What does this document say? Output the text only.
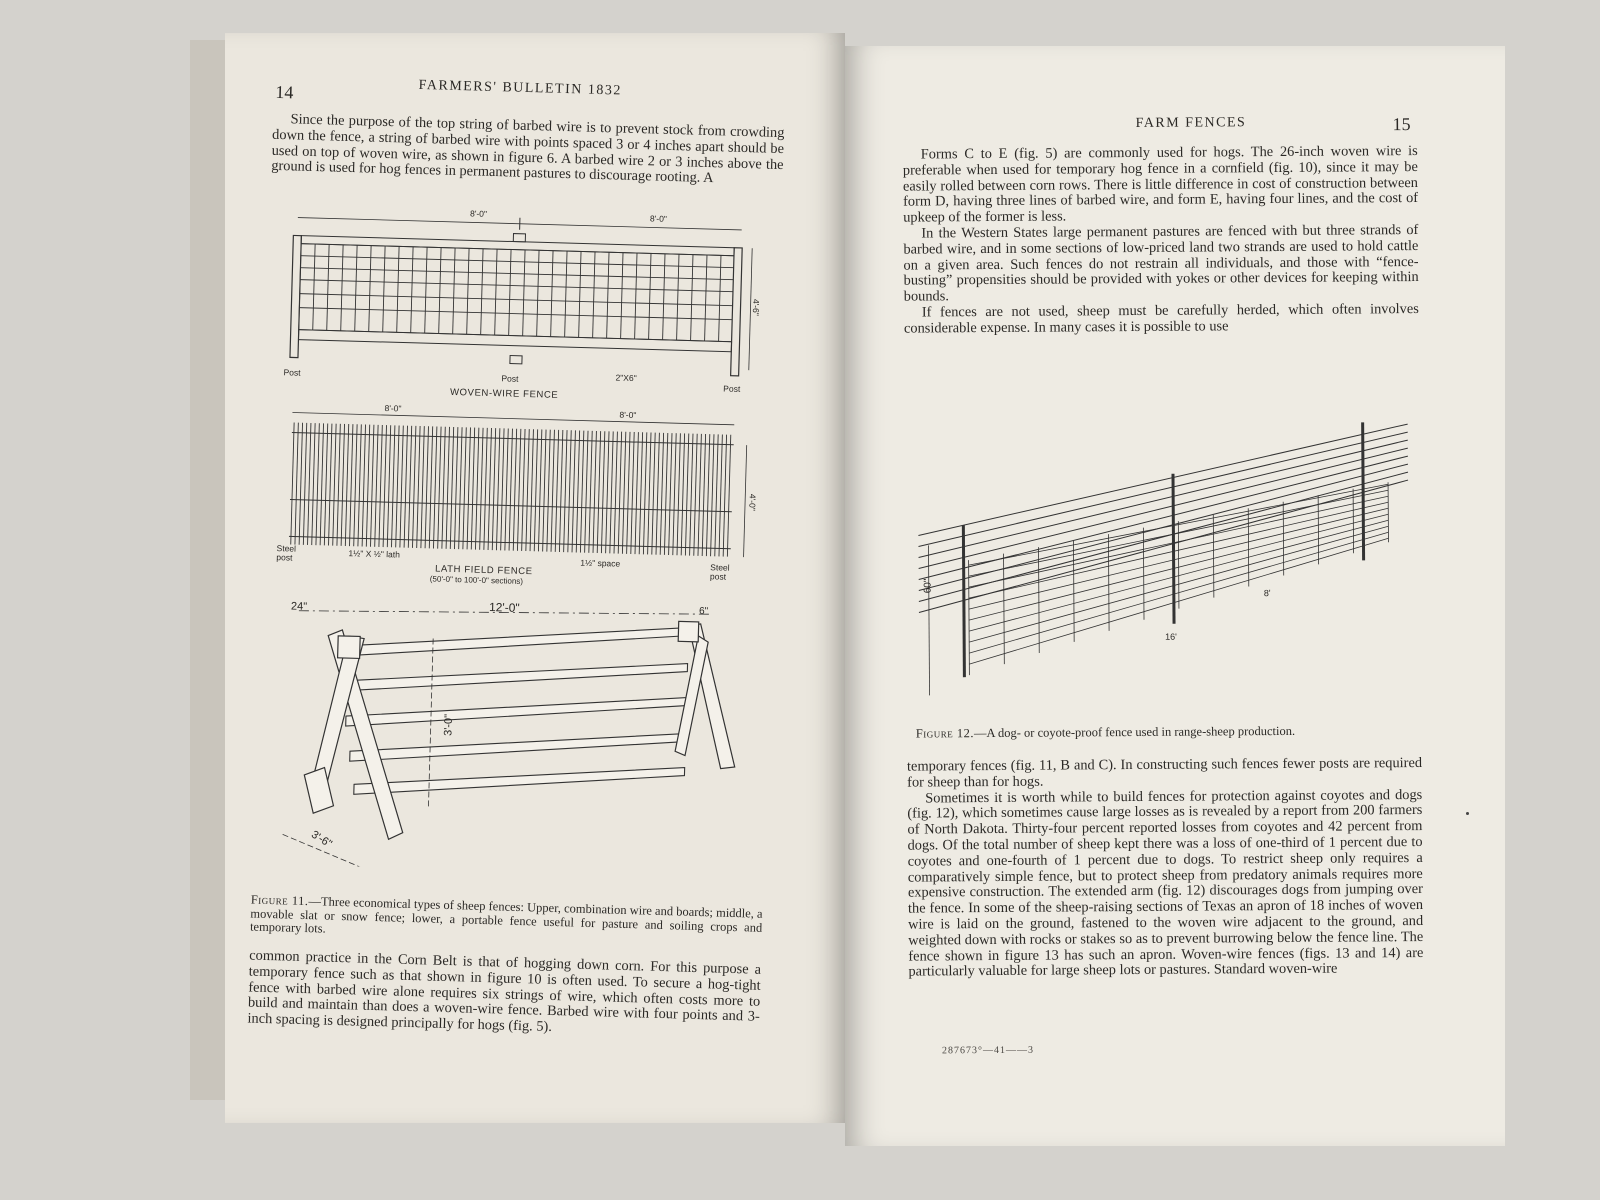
14	FARMERS' BULLETIN 1832

Since the purpose of the top string of barbed wire is to prevent stock from crowding down the fence, a string of barbed wire with points spaced 3 or 4 inches apart should be used on top of woven wire, as shown in figure 6. A barbed wire 2 or 3 inches above the ground is used for hog fences in permanent pastures to discourage rooting. A

8'-0"	8'-0"
4'-6"
Post
Post
Post
2"X6"
WOVEN-WIRE FENCE
8'-0"
8'-0"
4'-0"
Steel post
Steel post
1½" X ½" lath
1½" space
LATH FIELD FENCE
(50'-0" to 100'-0" sections)
12'-0"
24"	6"
3'-0"
3'-6"
Figure 11.—Three economical types of sheep fences: Upper, combination wire and boards; middle, a movable slat or snow fence; lower, a portable fence useful for pasture and soiling crops and temporary lots.

common practice in the Corn Belt is that of hogging down corn. For this purpose a temporary fence such as that shown in figure 10 is often used. To secure a hog-tight fence with barbed wire alone requires six strings of wire, which often costs more to build and maintain than does a woven-wire fence. Barbed wire with four points and 3-inch spacing is designed principally for hogs (fig. 5).

FARM FENCES	15

Forms C to E (fig. 5) are commonly used for hogs. The 26-inch woven wire is preferable when used for temporary hog fence in a cornfield (fig. 10), since it may be easily rolled between corn rows. There is little difference in cost of construction between form D, having three lines of barbed wire, and form E, having four lines, and the cost of upkeep of the former is less.

In the Western States large permanent pastures are fenced with but three strands of barbed wire, and in some sections of low-priced land two strands are used to hold cattle on a given area. Such fences do not restrain all individuals, and those with “fence-busting” propensities should be provided with yokes or other devices for keeping within bounds.

If fences are not used, sheep must be carefully herded, which often involves considerable expense. In many cases it is possible to use

60"
16'
8'
Figure 12.—A dog- or coyote-proof fence used in range-sheep production.

temporary fences (fig. 11, B and C). In constructing such fences fewer posts are required for sheep than for hogs.

Sometimes it is worth while to build fences for protection against coyotes and dogs (fig. 12), which sometimes cause large losses as is revealed by a report from 200 farmers of North Dakota. Thirty-four percent reported losses from coyotes and 42 percent from dogs. Of the total number of sheep kept there was a loss of one-third of 1 percent due to coyotes and one-fourth of 1 percent due to dogs. To restrict sheep only requires a comparatively simple fence, but to protect sheep from predatory animals requires more expensive construction. The extended arm (fig. 12) discourages dogs from jumping over the fence. In some of the sheep-raising sections of Texas an apron of 18 inches of woven wire is laid on the ground, fastened to the woven wire adjacent to the ground, and weighted down with rocks or stakes so as to prevent burrowing below the fence line. The fence shown in figure 13 has such an apron. Woven-wire fences (figs. 13 and 14) are particularly valuable for large sheep lots or pastures. Standard woven-wire

287673°—41——3
